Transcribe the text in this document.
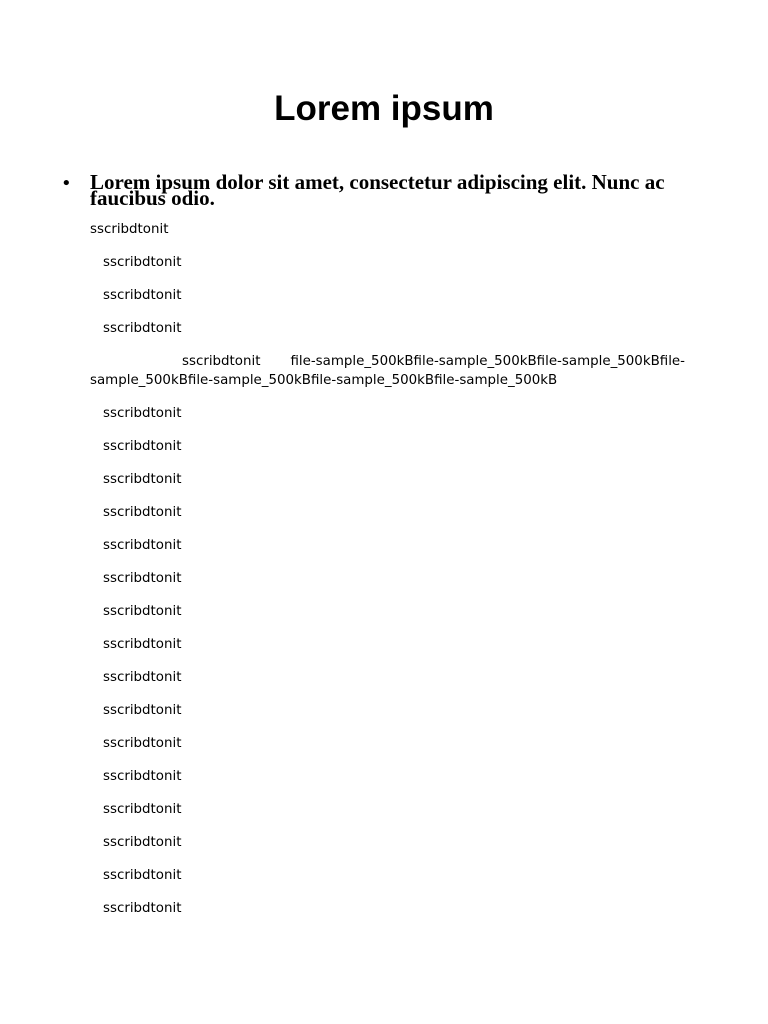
Lorem ipsum
• Lorem ipsum dolor sit amet, consectetur adipiscing elit. Nunc ac faucibus odio.
sscribdtonit
sscribdtonit
sscribdtonit
sscribdtonit
sscribdtonit file-sample_500kBfile-sample_500kBfile-sample_500kBfile-
sample_500kBfile-sample_500kBfile-sample_500kBfile-sample_500kB
sscribdtonit
sscribdtonit
sscribdtonit
sscribdtonit
sscribdtonit
sscribdtonit
sscribdtonit
sscribdtonit
sscribdtonit
sscribdtonit
sscribdtonit
sscribdtonit
sscribdtonit
sscribdtonit
sscribdtonit
sscribdtonit
